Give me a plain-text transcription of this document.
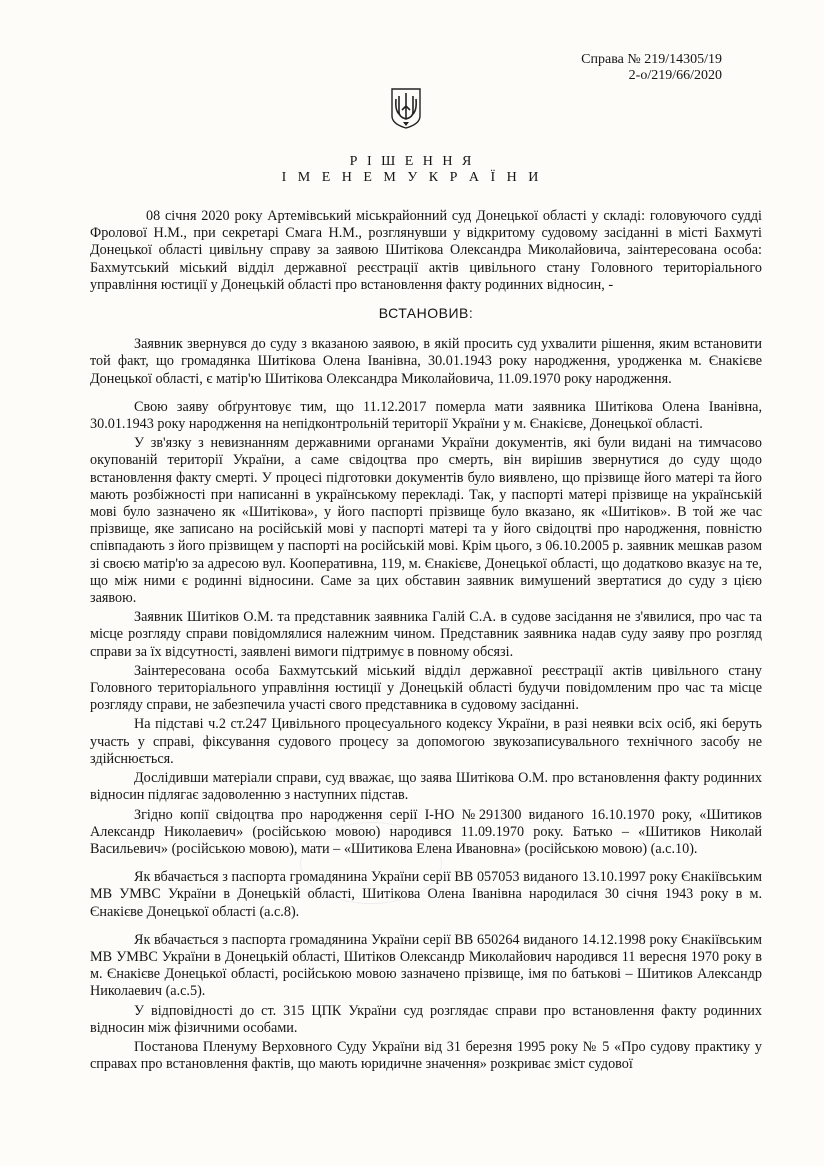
Справа № 219/14305/19
2-о/219/66/2020
Р І Ш Е Н Н Я
І М Е Н Е М У К Р А Ї Н И

08 січня 2020 року Артемівський міськрайонний суд Донецької області у складі: головуючого судді Фролової Н.М., при секретарі Смага Н.М., розглянувши у відкритому судовому засіданні в місті Бахмуті Донецької області цивільну справу за заявою Шитікова Олександра Миколайовича, заінтересована особа: Бахмутський міський відділ державної реєстрації актів цивільного стану Головного територіального управління юстиції у Донецькій області про встановлення факту родинних відносин, -

ВСТАНОВИВ:

Заявник звернувся до суду з вказаною заявою, в якій просить суд ухвалити рішення, яким встановити той факт, що громадянка Шитікова Олена Іванівна, 30.01.1943 року народження, уродженка м. Єнакієве Донецької області, є матір'ю Шитікова Олександра Миколайовича, 11.09.1970 року народження.

Свою заяву обґрунтовує тим, що 11.12.2017 померла мати заявника Шитікова Олена Іванівна, 30.01.1943 року народження на непідконтрольній території України у м. Єнакієве, Донецької області.

У зв'язку з невизнанням державними органами України документів, які були видані на тимчасово окупованій території України, а саме свідоцтва про смерть, він вирішив звернутися до суду щодо встановлення факту смерті. У процесі підготовки документів було виявлено, що прізвище його матері та його мають розбіжності при написанні в українському перекладі. Так, у паспорті матері прізвище на українській мові було зазначено як «Шитікова», у його паспорті прізвище було вказано, як «Шитіков». В той же час прізвище, яке записано на російській мові у паспорті матері та у його свідоцтві про народження, повністю співпадають з його прізвищем у паспорті на російській мові. Крім цього, з 06.10.2005 р. заявник мешкав разом зі своєю матір'ю за адресою вул. Кооперативна, 119, м. Єнакієве, Донецької області, що додатково вказує на те, що між ними є родинні відносини. Саме за цих обставин заявник вимушений звертатися до суду з цією заявою.

Заявник Шитіков О.М. та представник заявника Галій С.А. в судове засідання не з'явилися, про час та місце розгляду справи повідомлялися належним чином. Представник заявника надав суду заяву про розгляд справи за їх відсутності, заявлені вимоги підтримує в повному обсязі.

Заінтересована особа Бахмутський міський відділ державної реєстрації актів цивільного стану Головного територіального управління юстиції у Донецькій області будучи повідомленим про час та місце розгляду справи, не забезпечила участі свого представника в судовому засіданні.

На підставі ч.2 ст.247 Цивільного процесуального кодексу України, в разі неявки всіх осіб, які беруть участь у справі, фіксування судового процесу за допомогою звукозаписувального технічного засобу не здійснюється.

Дослідивши матеріали справи, суд вважає, що заява Шитікова О.М. про встановлення факту родинних відносин підлягає задоволенню з наступних підстав.

Згідно копії свідоцтва про народження серії І-НО №291300 виданого 16.10.1970 року, «Шитиков Александр Николаевич» (російською мовою) народився 11.09.1970 року. Батько – «Шитиков Николай Васильевич» (російською мовою), мати – «Шитикова Елена Ивановна» (російською мовою) (а.с.10).

Як вбачається з паспорта громадянина України серії ВВ 057053 виданого 13.10.1997 року Єнакіївським МВ УМВС України в Донецькій області, Шитікова Олена Іванівна народилася 30 січня 1943 року в м. Єнакієве Донецької області (а.с.8).

Як вбачається з паспорта громадянина України серії ВВ 650264 виданого 14.12.1998 року Єнакіївським МВ УМВС України в Донецькій області, Шитіков Олександр Миколайович народився 11 вересня 1970 року в м. Єнакієве Донецької області, російською мовою зазначено прізвище, імя по батькові – Шитиков Александр Николаевич (а.с.5).

У відповідності до ст. 315 ЦПК України суд розглядає справи про встановлення факту родинних відносин між фізичними особами.

Постанова Пленуму Верховного Суду України від 31 березня 1995 року № 5 «Про судову практику у справах про встановлення фактів, що мають юридичне значення» розкриває зміст судової
